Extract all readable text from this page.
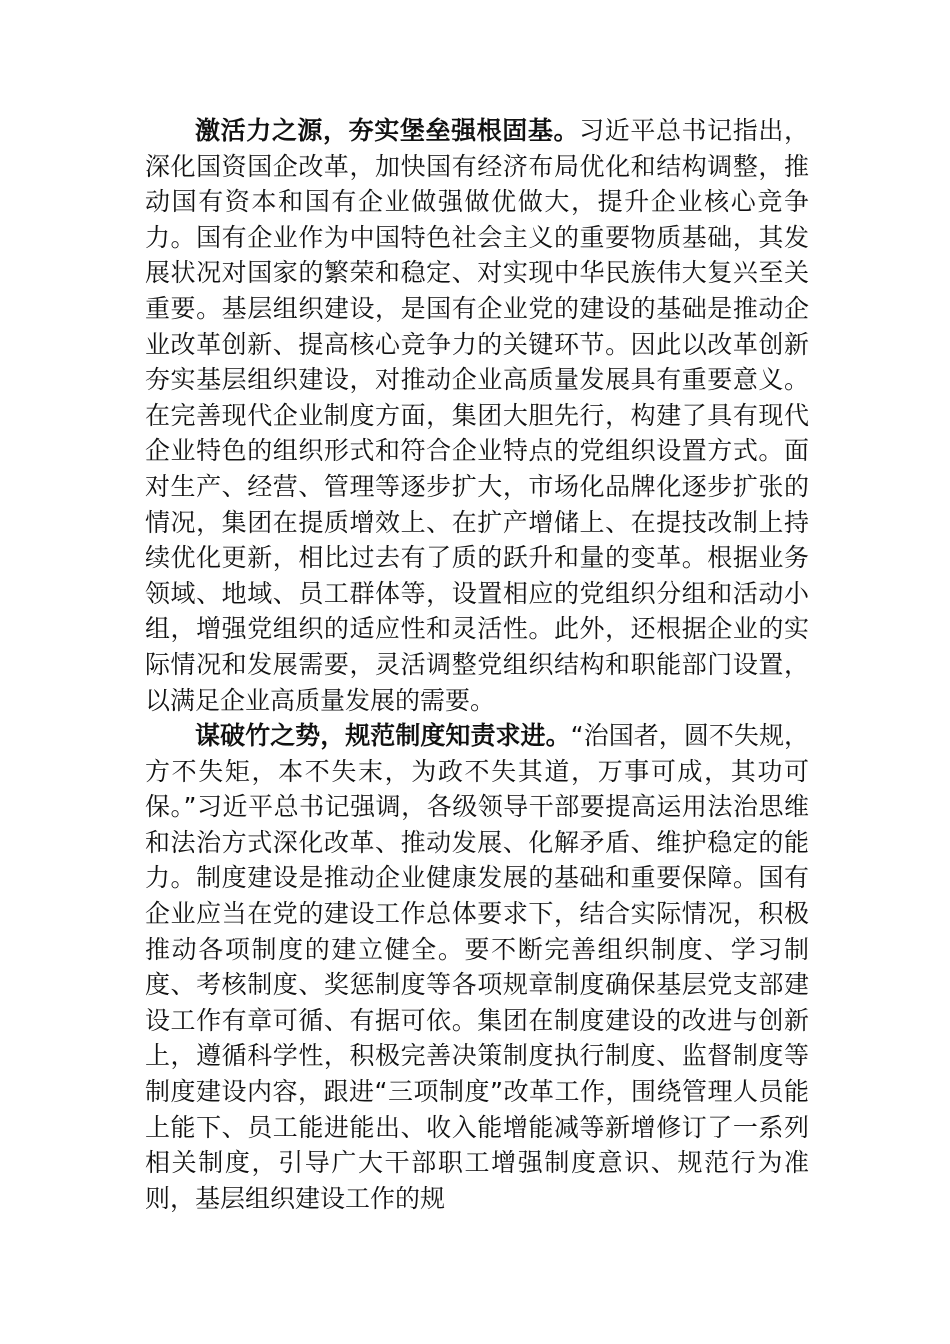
激活力之源，夯实堡垒强根固基。习近平总书记指出，深化国资国企改革，加快国有经济布局优化和结构调整，推动国有资本和国有企业做强做优做大，提升企业核心竞争力。国有企业作为中国特色社会主义的重要物质基础，其发展状况对国家的繁荣和稳定、对实现中华民族伟大复兴至关重要。基层组织建设，是国有企业党的建设的基础是推动企业改革创新、提高核心竞争力的关键环节。因此以改革创新夯实基层组织建设，对推动企业高质量发展具有重要意义。在完善现代企业制度方面，集团大胆先行，构建了具有现代企业特色的组织形式和符合企业特点的党组织设置方式。面对生产、经营、管理等逐步扩大，市场化品牌化逐步扩张的情况，集团在提质增效上、在扩产增储上、在提技改制上持续优化更新，相比过去有了质的跃升和量的变革。根据业务领域、地域、员工群体等，设置相应的党组织分组和活动小组，增强党组织的适应性和灵活性。此外，还根据企业的实际情况和发展需要，灵活调整党组织结构和职能部门设置，以满足企业高质量发展的需要。

谋破竹之势，规范制度知责求进。“治国者，圆不失规，方不失矩，本不失末，为政不失其道，万事可成，其功可保。”习近平总书记强调，各级领导干部要提高运用法治思维和法治方式深化改革、推动发展、化解矛盾、维护稳定的能力。制度建设是推动企业健康发展的基础和重要保障。国有企业应当在党的建设工作总体要求下，结合实际情况，积极推动各项制度的建立健全。要不断完善组织制度、学习制度、考核制度、奖惩制度等各项规章制度确保基层党支部建设工作有章可循、有据可依。集团在制度建设的改进与创新上，遵循科学性，积极完善决策制度执行制度、监督制度等制度建设内容，跟进“三项制度”改革工作，围绕管理人员能上能下、员工能进能出、收入能增能减等新增修订了一系列相关制度，引导广大干部职工增强制度意识、规范行为准则，基层组织建设工作的规
